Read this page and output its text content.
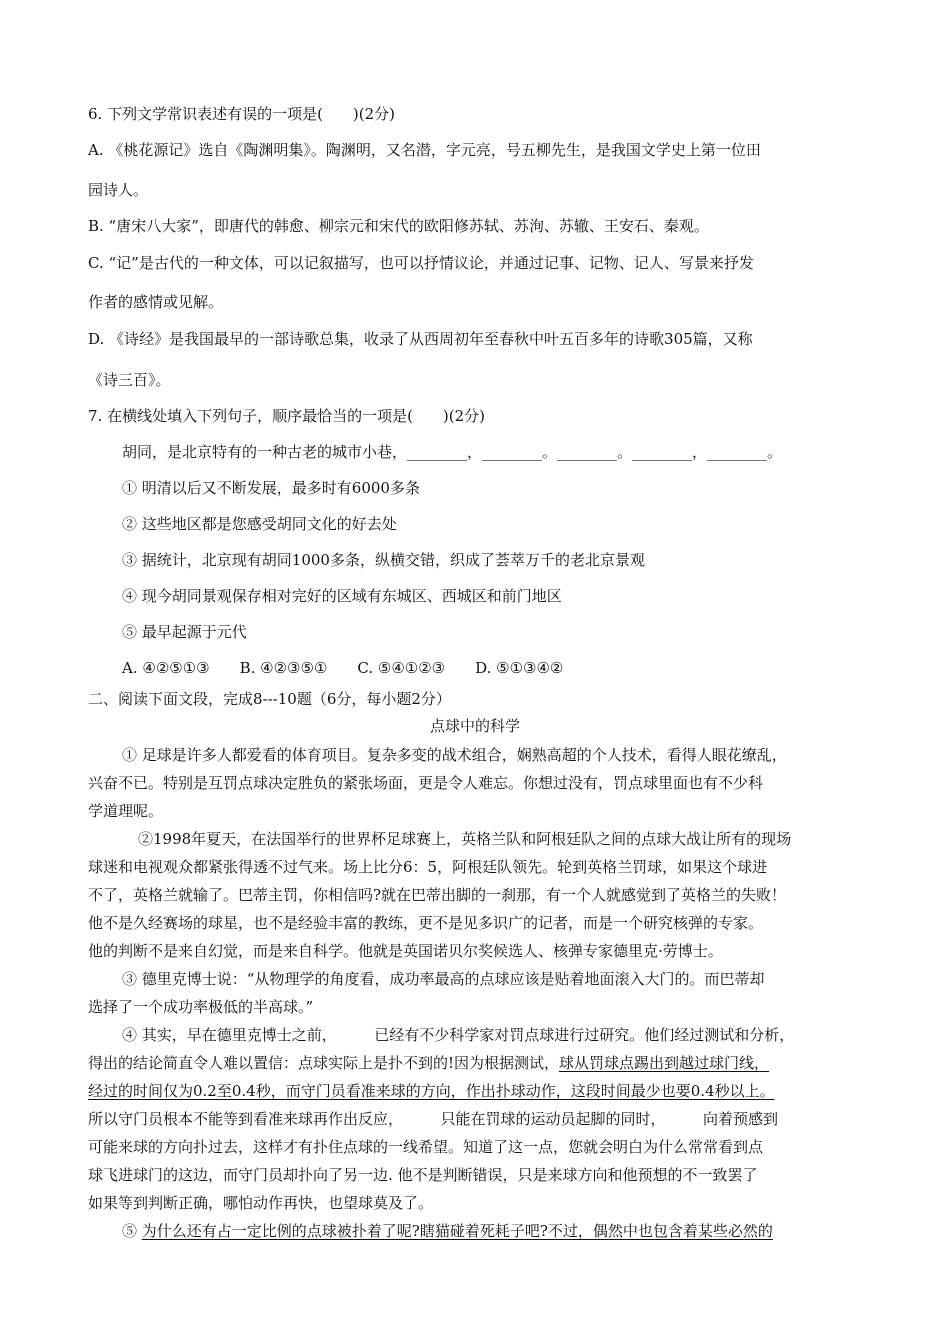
6. 下列文学常识表述有误的一项是(　　)(2分)
A. 《桃花源记》选自《陶渊明集》。陶渊明，又名潜，字元亮，号五柳先生，是我国文学史上第一位田
园诗人。
B. “唐宋八大家”，即唐代的韩愈、柳宗元和宋代的欧阳修苏轼、苏洵、苏辙、王安石、秦观。
C. “记”是古代的一种文体，可以记叙描写，也可以抒情议论，并通过记事、记物、记人、写景来抒发
作者的感情或见解。
D. 《诗经》是我国最早的一部诗歌总集，收录了从西周初年至春秋中叶五百多年的诗歌305篇，又称
《诗三百》。
7. 在横线处填入下列句子，顺序最恰当的一项是(　　)(2分)
胡同，是北京特有的一种古老的城市小巷，________，________。________。________，________。
① 明清以后又不断发展，最多时有6000多条
② 这些地区都是您感受胡同文化的好去处
③ 据统计，北京现有胡同1000多条，纵横交错，织成了荟萃万千的老北京景观
④ 现今胡同景观保存相对完好的区域有东城区、西城区和前门地区
⑤ 最早起源于元代
A. ④②⑤①③　　B. ④②③⑤①　　C. ⑤④①②③　　D. ⑤①③④②
二、阅读下面文段，完成8---10题（6分，每小题2分）
点球中的科学
① 足球是许多人都爱看的体育项目。复杂多变的战术组合，娴熟高超的个人技术，看得人眼花缭乱，
兴奋不已。特别是互罚点球决定胜负的紧张场面，更是令人难忘。你想过没有，罚点球里面也有不少科
学道理呢。
②1998年夏天，在法国举行的世界杯足球赛上，英格兰队和阿根廷队之间的点球大战让所有的现场
球迷和电视观众都紧张得透不过气来。场上比分6：5，阿根廷队领先。轮到英格兰罚球，如果这个球进
不了，英格兰就输了。巴蒂主罚，你相信吗?就在巴蒂出脚的一刹那，有一个人就感觉到了英格兰的失败！
他不是久经赛场的球星，也不是经验丰富的教练，更不是见多识广的记者，而是一个研究核弹的专家。
他的判断不是来自幻觉，而是来自科学。他就是英国诺贝尔奖候选人、核弹专家德里克·劳博士。
③ 德里克博士说：“从物理学的角度看，成功率最高的点球应该是贴着地面滚入大门的。而巴蒂却
选择了一个成功率极低的半高球。”
④ 其实，早在德里克博士之前，　　　已经有不少科学家对罚点球进行过研究。他们经过测试和分析，
得出的结论简直令人难以置信：点球实际上是扑不到的!因为根据测试，球从罚球点踢出到越过球门线，
经过的时间仅为0.2至0.4秒，而守门员看准来球的方向，作出扑球动作，这段时间最少也要0.4秒以上。
所以守门员根本不能等到看准来球再作出反应，　　　只能在罚球的运动员起脚的同时，　　　向着预感到
可能来球的方向扑过去，这样才有扑住点球的一线希望。知道了这一点，您就会明白为什么常常看到点
球飞进球门的这边，而守门员却扑向了另一边. 他不是判断错误，只是来球方向和他预想的不一致罢了
如果等到判断正确，哪怕动作再快，也望球莫及了。
⑤ 为什么还有占一定比例的点球被扑着了呢?瞎猫碰着死耗子吧?不过，偶然中也包含着某些必然的
